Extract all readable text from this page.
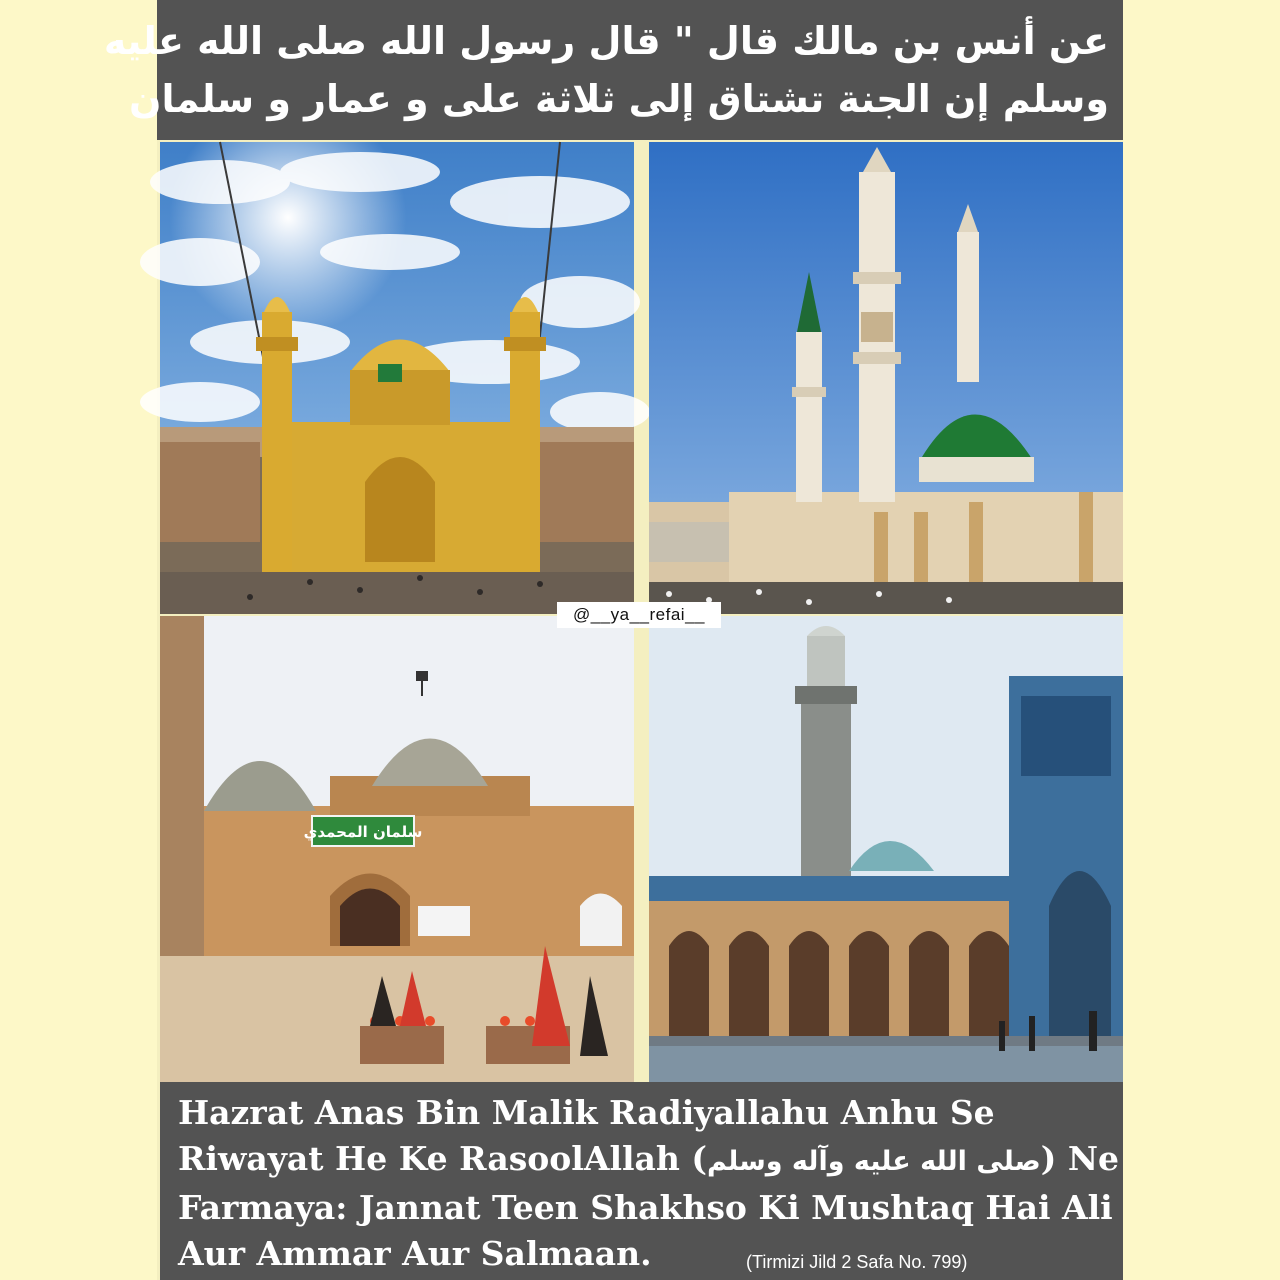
عن أنس بن مالك قال " قال رسول الله صلى الله عليه
وسلم إن الجنة تشتاق إلى ثلاثة على و عمار و سلمان
سلمان المحمدي
@__ya__refai__
Hazrat Anas Bin Malik Radiyallahu Anhu Se
Riwayat He Ke RasoolAllah (صلى الله عليه وآله وسلم) Ne
Farmaya: Jannat Teen Shakhso Ki Mushtaq Hai Ali
Aur Ammar Aur Salmaan.	(Tirmizi Jild 2 Safa No. 799)
